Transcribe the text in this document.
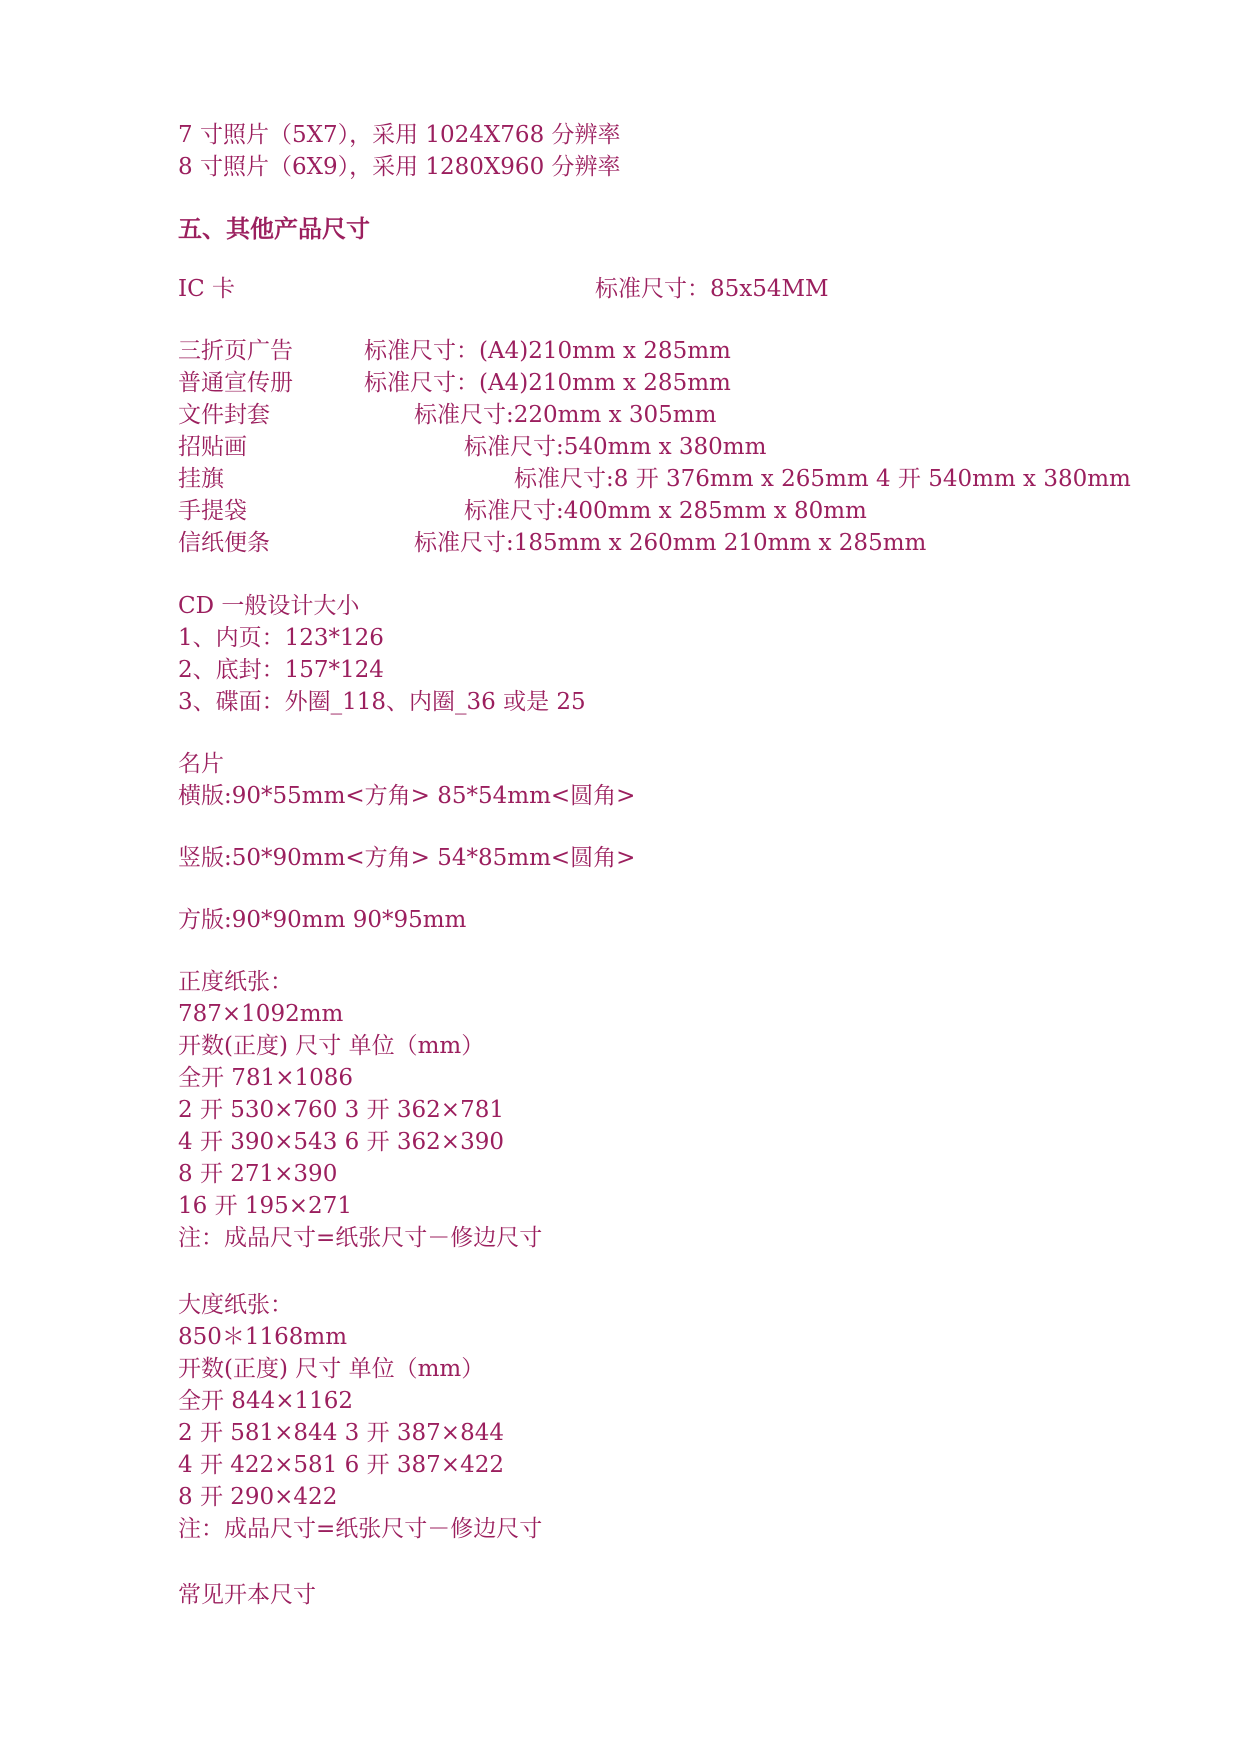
7 寸照片（5X7），采用 1024X768 分辨率
8 寸照片（6X9），采用 1280X960 分辨率
五、其他产品尺寸

IC 卡

	标准尺寸：85x54MM

三折页广告

	标准尺寸：(A4)210mm x 285mm

普通宣传册

	标准尺寸：(A4)210mm x 285mm

文件封套

	标准尺寸:220mm x 305mm

招贴画

	标准尺寸:540mm x 380mm

挂旗

	标准尺寸:8 开 376mm x 265mm 4 开 540mm x 380mm

手提袋

	标准尺寸:400mm x 285mm x 80mm

信纸便条

	标准尺寸:185mm x 260mm 210mm x 285mm

CD 一般设计大小
1、内页：123*126
2、底封：157*124
3、碟面：外圈_118、内圈_36 或是 25
名片
横版:90*55mm<方角> 85*54mm<圆角>
竖版:50*90mm<方角> 54*85mm<圆角>
方版:90*90mm 90*95mm
正度纸张：
787×1092mm
开数(正度) 尺寸 单位（mm）
全开 781×1086
2 开 530×760 3 开 362×781
4 开 390×543 6 开 362×390
8 开 271×390
16 开 195×271
注：成品尺寸=纸张尺寸－修边尺寸
大度纸张：
850＊1168mm
开数(正度) 尺寸 单位（mm）
全开 844×1162
2 开 581×844 3 开 387×844
4 开 422×581 6 开 387×422
8 开 290×422
注：成品尺寸=纸张尺寸－修边尺寸
常见开本尺寸
